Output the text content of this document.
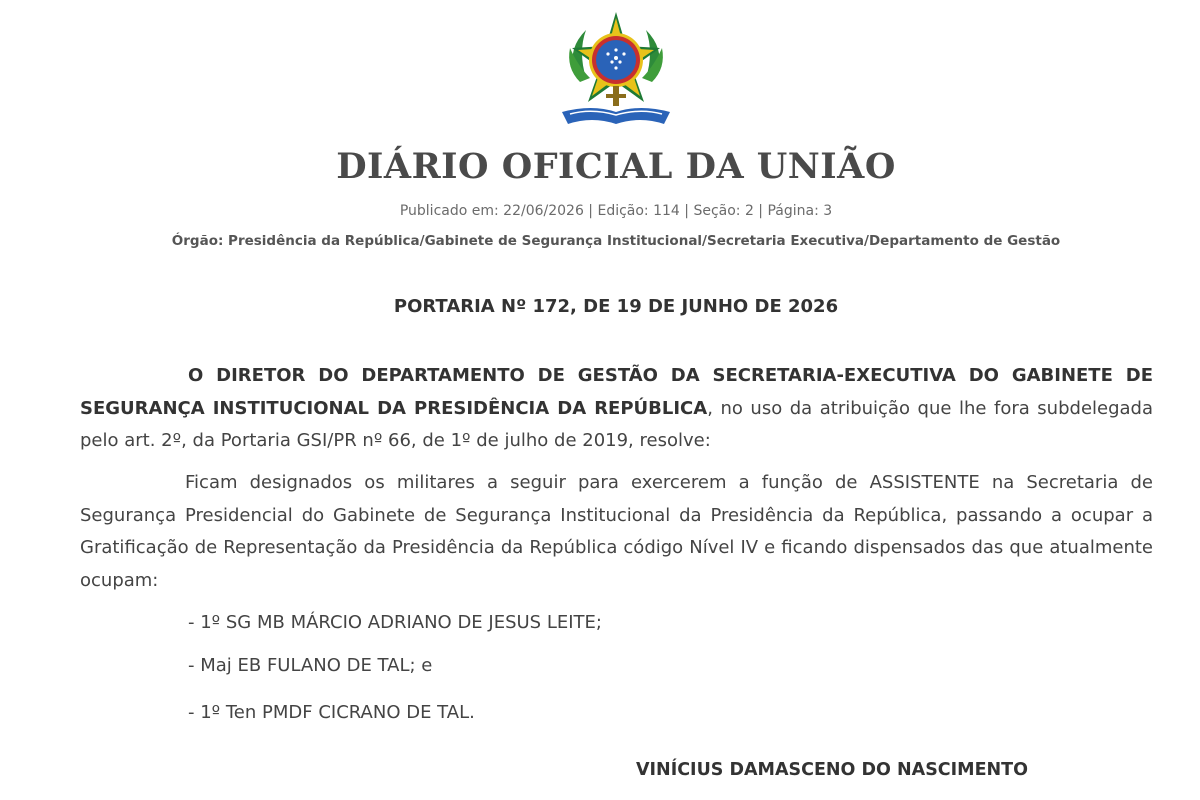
DIÁRIO OFICIAL DA UNIÃO
Publicado em: 22/06/2026 | Edição: 114 | Seção: 2 | Página: 3
Órgão: Presidência da República/Gabinete de Segurança Institucional/Secretaria Executiva/Departamento de Gestão
PORTARIA Nº 172, DE 19 DE JUNHO DE 2026
O DIRETOR DO DEPARTAMENTO DE GESTÃO DA SECRETARIA-EXECUTIVA DO GABINETE DE SEGURANÇA INSTITUCIONAL DA PRESIDÊNCIA DA REPÚBLICA, no uso da atribuição que lhe fora subdelegada pelo art. 2º, da Portaria GSI/PR nº 66, de 1º de julho de 2019, resolve:
Ficam designados os militares a seguir para exercerem a função de ASSISTENTE na Secretaria de Segurança Presidencial do Gabinete de Segurança Institucional da Presidência da República, passando a ocupar a Gratificação de Representação da Presidência da República código Nível IV e ficando dispensados das que atualmente ocupam:
- 1º SG MB MÁRCIO ADRIANO DE JESUS LEITE;
- Maj EB FULANO DE TAL; e
- 1º Ten PMDF CICRANO DE TAL.
VINÍCIUS DAMASCENO DO NASCIMENTO
